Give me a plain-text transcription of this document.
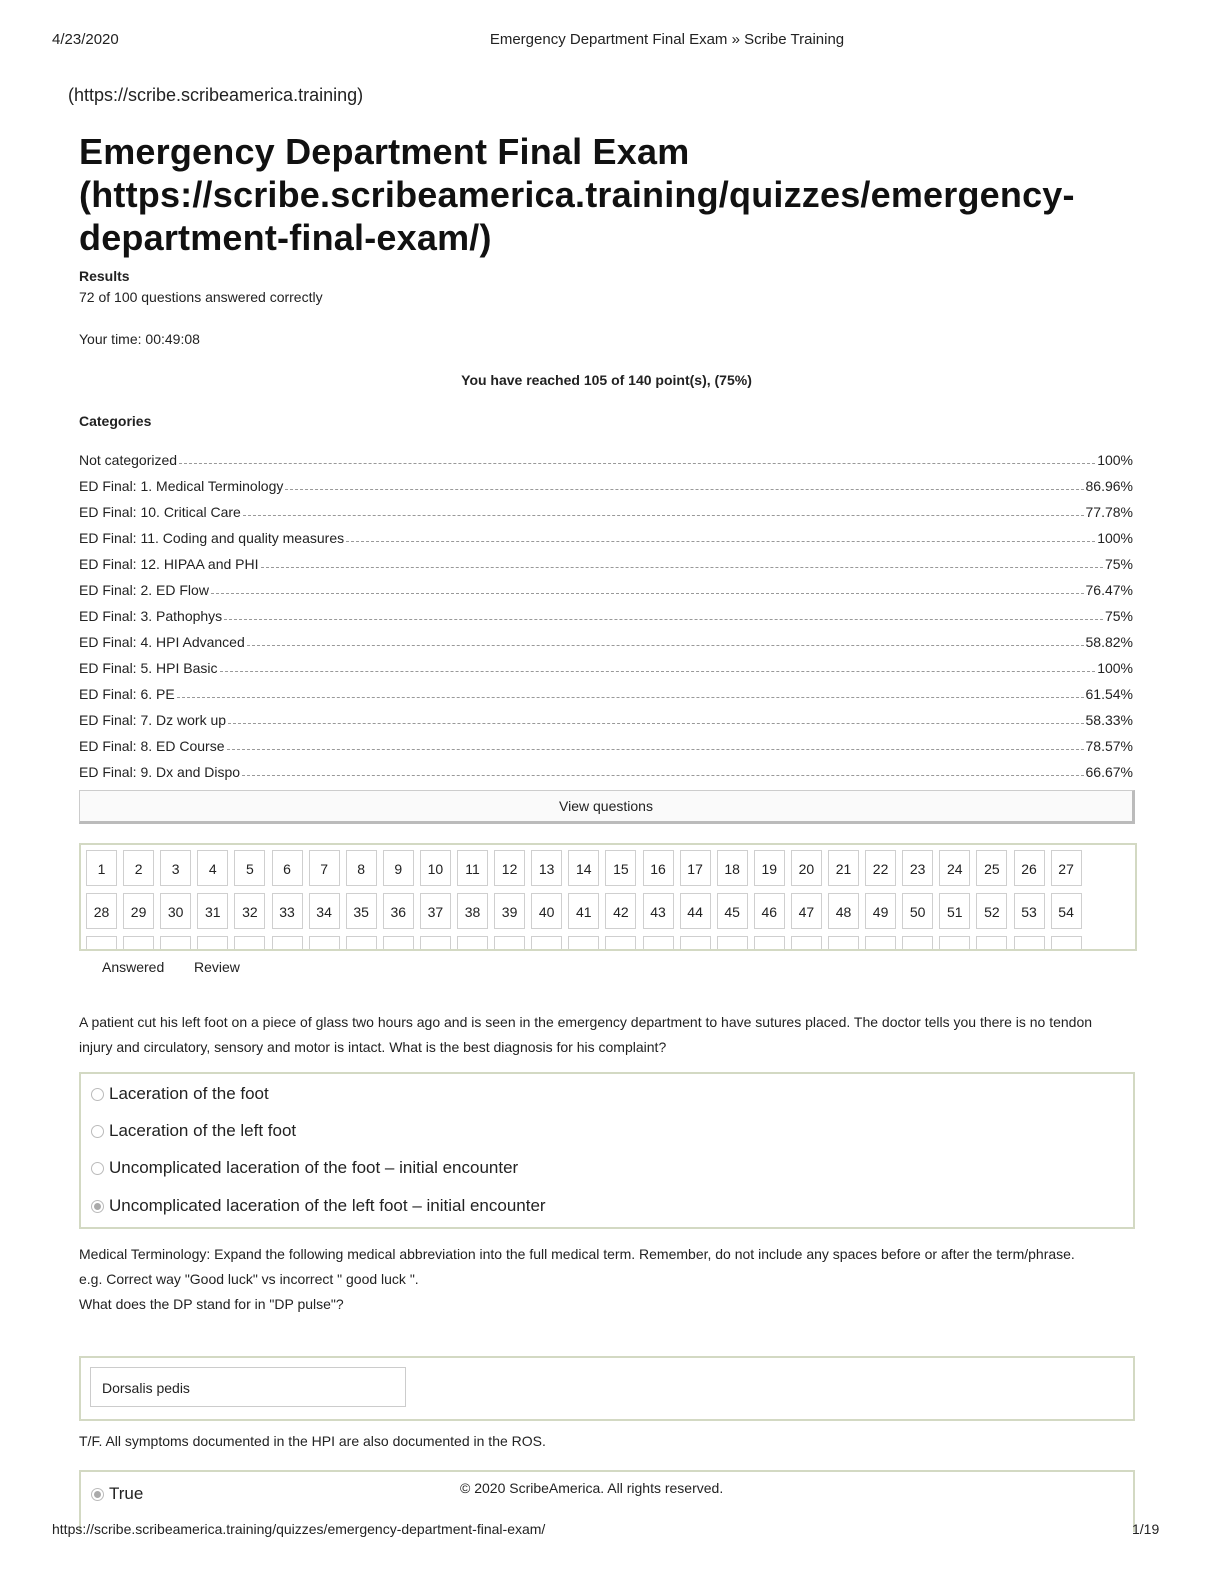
4/23/2020	Emergency Department Final Exam » Scribe Training
(https://scribe.scribeamerica.training)
Emergency Department Final Exam (https://scribe.scribeamerica.training/quizzes/emergency-department-final-exam/)
Results
72 of 100 questions answered correctly
Your time: 00:49:08
You have reached 105 of 140 point(s), (75%)
Categories
Not categorized	100%
ED Final: 1. Medical Terminology	86.96%
ED Final: 10. Critical Care	77.78%
ED Final: 11. Coding and quality measures	100%
ED Final: 12. HIPAA and PHI	75%
ED Final: 2. ED Flow	76.47%
ED Final: 3. Pathophys	75%
ED Final: 4. HPI Advanced	58.82%
ED Final: 5. HPI Basic	100%
ED Final: 6. PE	61.54%
ED Final: 7. Dz work up	58.33%
ED Final: 8. ED Course	78.57%
ED Final: 9. Dx and Dispo	66.67%
View questions
1	2	3	4	5	6	7	8	9	10	11	12	13	14	15	16	17	18	19	20	21	22	23	24	25	26	27
28	29	30	31	32	33	34	35	36	37	38	39	40	41	42	43	44	45	46	47	48	49	50	51	52	53	54
Answered Review
A patient cut his left foot on a piece of glass two hours ago and is seen in the emergency department to have sutures placed. The doctor tells you there is no tendon injury and circulatory, sensory and motor is intact. What is the best diagnosis for his complaint?
Laceration of the foot
Laceration of the left foot
Uncomplicated laceration of the foot – initial encounter
Uncomplicated laceration of the left foot – initial encounter
Medical Terminology: Expand the following medical abbreviation into the full medical term. Remember, do not include any spaces before or after the term/phrase.
e.g. Correct way "Good luck" vs incorrect " good luck ".
What does the DP stand for in "DP pulse"?
Dorsalis pedis
T/F. All symptoms documented in the HPI are also documented in the ROS.
True	© 2020 ScribeAmerica. All rights reserved.
https://scribe.scribeamerica.training/quizzes/emergency-department-final-exam/	1/19
